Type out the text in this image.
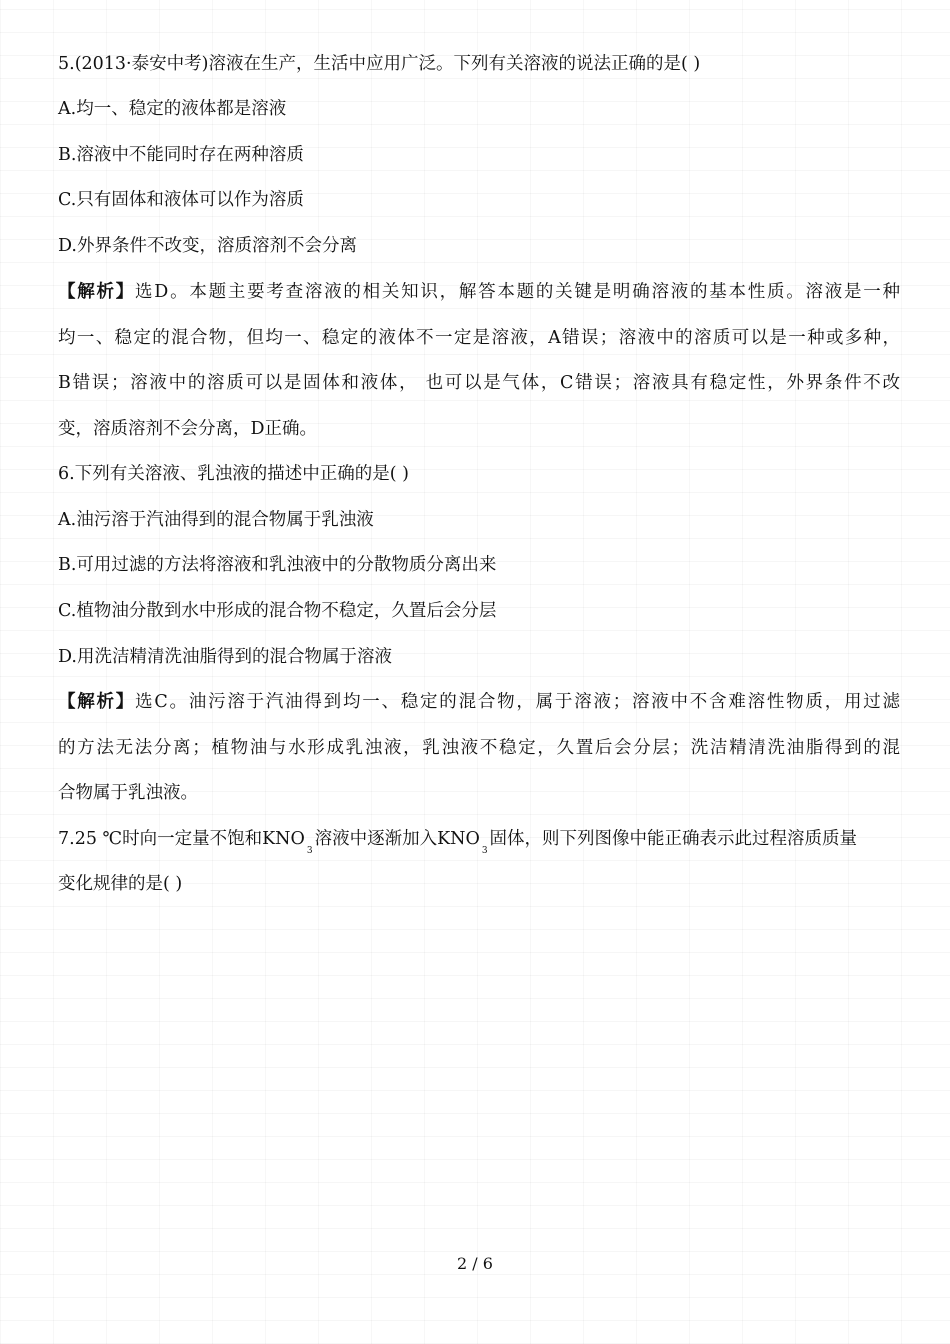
5.(2013·泰安中考)溶液在生产，生活中应用广泛。下列有关溶液的说法正确的是( )
A.均一、稳定的液体都是溶液
B.溶液中不能同时存在两种溶质
C.只有固体和液体可以作为溶质
D.外界条件不改变，溶质溶剂不会分离
【解析】选D。本题主要考查溶液的相关知识，解答本题的关键是明确溶液的基本性质。溶液是一种
均一、稳定的混合物，但均一、稳定的液体不一定是溶液，A错误；溶液中的溶质可以是一种或多种，
B错误；溶液中的溶质可以是固体和液体， 也可以是气体，C错误；溶液具有稳定性，外界条件不改
变，溶质溶剂不会分离，D正确。
6.下列有关溶液、乳浊液的描述中正确的是( )
A.油污溶于汽油得到的混合物属于乳浊液
B.可用过滤的方法将溶液和乳浊液中的分散物质分离出来
C.植物油分散到水中形成的混合物不稳定，久置后会分层
D.用洗洁精清洗油脂得到的混合物属于溶液
【解析】选C。油污溶于汽油得到均一、稳定的混合物，属于溶液；溶液中不含难溶性物质，用过滤
的方法无法分离；植物油与水形成乳浊液，乳浊液不稳定，久置后会分层；洗洁精清洗油脂得到的混
合物属于乳浊液。
7.25 ℃时向一定量不饱和$KNO_3$溶液中逐渐加入$KNO_3$固体，则下列图像中能正确表示此过程溶质质量
变化规律的是( )
2 / 6
